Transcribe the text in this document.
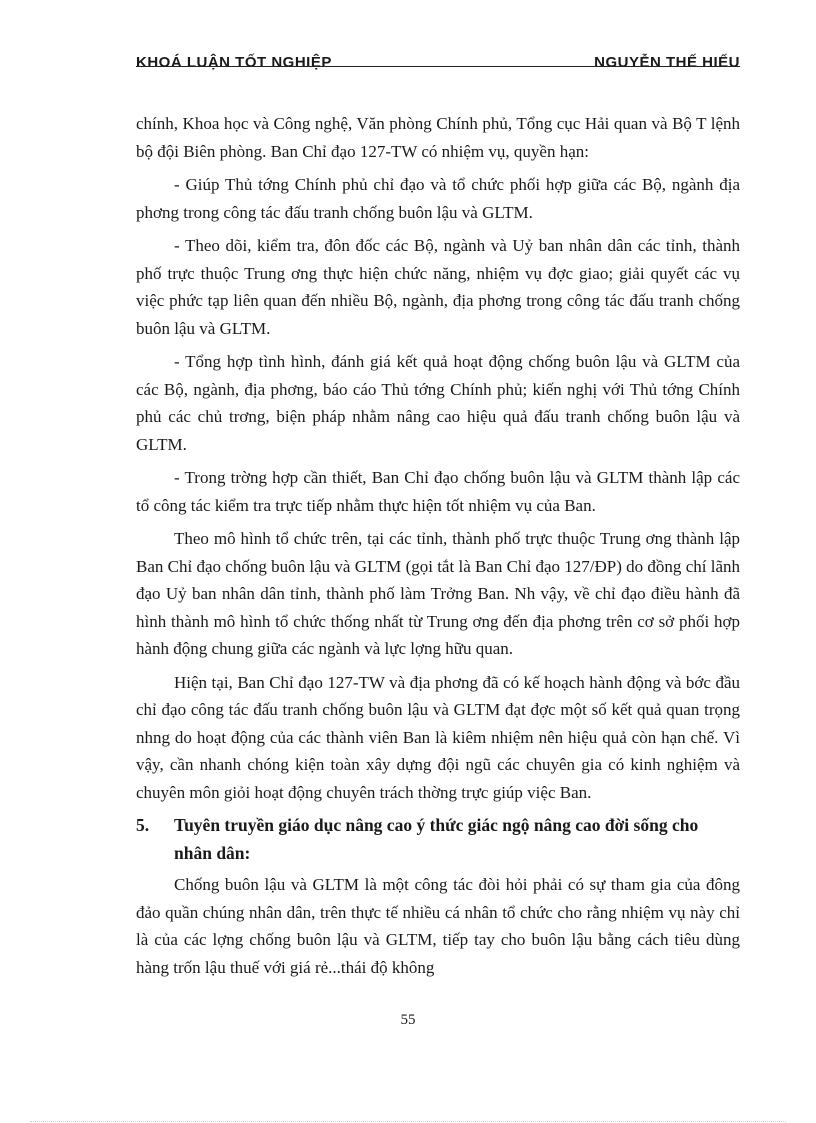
KHOÁ LUẬN TỐT NGHIỆP	NGUYỄN THẾ HIẾU

chính, Khoa học và Công nghệ, Văn phòng Chính phủ, Tổng cục Hải quan và Bộ T lệnh bộ đội Biên phòng. Ban Chỉ đạo 127-TW có nhiệm vụ, quyền hạn:

- Giúp Thủ tớng Chính phủ chỉ đạo và tổ chức phối hợp giữa các Bộ, ngành địa phơng trong công tác đấu tranh chống buôn lậu và GLTM.

- Theo dõi, kiểm tra, đôn đốc các Bộ, ngành và Uỷ ban nhân dân các tỉnh, thành phố trực thuộc Trung ơng thực hiện chức năng, nhiệm vụ đợc giao; giải quyết các vụ việc phức tạp liên quan đến nhiều Bộ, ngành, địa phơng trong công tác đấu tranh chống buôn lậu và GLTM.

- Tổng hợp tình hình, đánh giá kết quả hoạt động chống buôn lậu và GLTM của các Bộ, ngành, địa phơng, báo cáo Thủ tớng Chính phủ; kiến nghị với Thủ tớng Chính phủ các chủ trơng, biện pháp nhằm nâng cao hiệu quả đấu tranh chống buôn lậu và GLTM.

- Trong trờng hợp cần thiết, Ban Chỉ đạo chống buôn lậu và GLTM thành lập các tổ công tác kiểm tra trực tiếp nhằm thực hiện tốt nhiệm vụ của Ban.

Theo mô hình tổ chức trên, tại các tỉnh, thành phố trực thuộc Trung ơng thành lập Ban Chỉ đạo chống buôn lậu và GLTM (gọi tắt là Ban Chỉ đạo 127/ĐP) do đồng chí lãnh đạo Uỷ ban nhân dân tỉnh, thành phố làm Trởng Ban. Nh vậy, về chỉ đạo điều hành đã hình thành mô hình tổ chức thống nhất từ Trung ơng đến địa phơng trên cơ sở phối hợp hành động chung giữa các ngành và lực lợng hữu quan.

Hiện tại, Ban Chỉ đạo 127-TW và địa phơng đã có kế hoạch hành động và bớc đầu chỉ đạo công tác đấu tranh chống buôn lậu và GLTM đạt đợc một số kết quả quan trọng nhng do hoạt động của các thành viên Ban là kiêm nhiệm nên hiệu quả còn hạn chế. Vì vậy, cần nhanh chóng kiện toàn xây dựng đội ngũ các chuyên gia có kinh nghiệm và chuyên môn giỏi hoạt động chuyên trách thờng trực giúp việc Ban.

5.	Tuyên truyền giáo dục nâng cao ý thức giác ngộ nâng cao đời sống cho nhân dân:

Chống buôn lậu và GLTM là một công tác đòi hỏi phải có sự tham gia của đông đảo quần chúng nhân dân, trên thực tế nhiều cá nhân tổ chức cho rằng nhiệm vụ này chỉ là của các lợng chống buôn lậu và GLTM, tiếp tay cho buôn lậu bằng cách tiêu dùng hàng trốn lậu thuế với giá rẻ...thái độ không

55
